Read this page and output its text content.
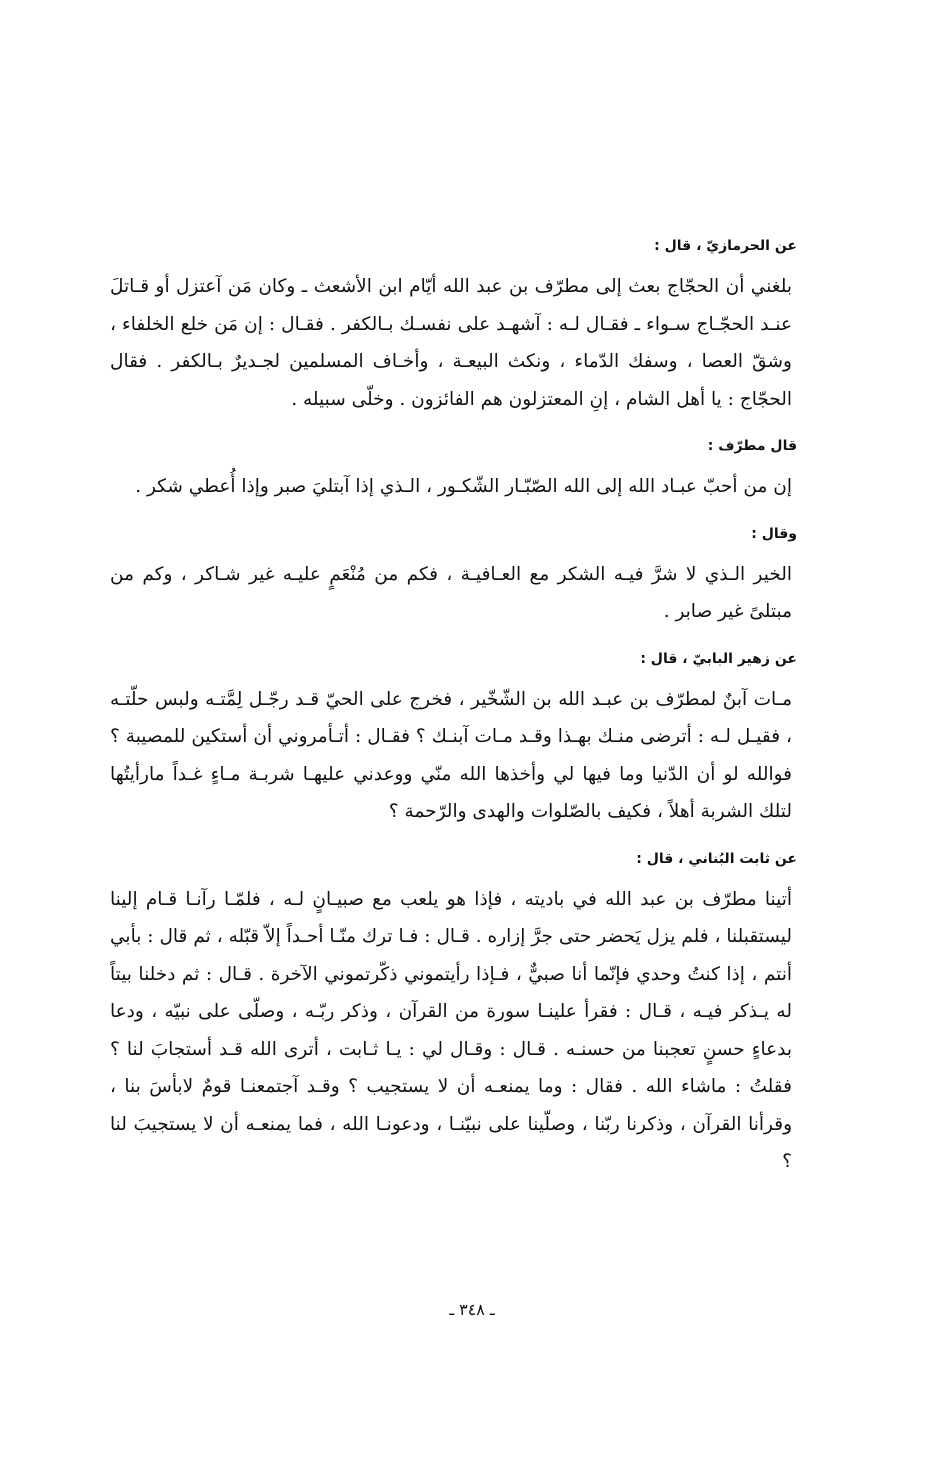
عن الحرمازيّ ، قال :

بلغني أن الحجّاج بعث إلى مطرّف بن عبد الله أيّام ابن الأشعث ـ وكان مَن آعتزل أو قـاتلَ عنـد الحجّـاج سـواء ـ فقـال لـه : آشهـد على نفسـك بـالكفر . فقـال : إن مَن خلع الخلفاء ، وشقّ العصا ، وسفك الدّماء ، ونكث البيعـة ، وأخـاف المسلمين لجـديرٌ بـالكفر . فقال الحجّاج : يا أهل الشام ، إنِ المعتزلون هم الفائزون . وخلّى سبيله .

قال مطرّف :

إن من أحبّ عبـاد الله إلى الله الصّبّـار الشّكـور ، الـذي إذا آبتليَ صبر وإذا أُعطي شكر .

وقال :

الخير الـذي لا شرَّ فيـه الشكر مع العـافيـة ، فكم من مُنْعَمٍ عليـه غير شـاكر ، وكم من مبتلىً غير صابر .

عن زهير البابيّ ، قال :

مـات آبنٌ لمطرّف بن عبـد الله بن الشّخّير ، فخرج على الحيّ قـد رجّـل لِمَّتـه ولبس حلّتـه ، فقيـل لـه : أترضى منـك بهـذا وقـد مـات آبنـك ؟ فقـال : أتـأمروني أن أستكين للمصيبة ؟ فوالله لو أن الدّنيا وما فيها لي وأخذها الله منّي ووعدني عليهـا شربـة مـاءٍ غـداً مارأيتُها لتلك الشربة أهلاً ، فكيف بالصّلوات والهدى والرّحمة ؟

عن ثابت البُناني ، قال :

أتينا مطرّف بن عبد الله في باديته ، فإذا هو يلعب مع صبيـانٍ لـه ، فلمّـا رآنـا قـام إلينا ليستقبلنا ، فلم يزل يَحضر حتى جرَّ إزاره . قـال : فـا ترك منّـا أحـداً إلاّ قبّله ، ثم قال : بأبي أنتم ، إذا كنتُ وحدي فإنّما أنا صبيٌّ ، فـإذا رأيتموني ذكّرتموني الآخرة . قـال : ثم دخلنا بيتاً له يـذكر فيـه ، قـال : فقرأ علينـا سورة من القرآن ، وذكر ربّـه ، وصلّى على نبيّه ، ودعا بدعاءٍ حسنٍ تعجبنا من حسنـه . قـال : وقـال لي : يـا ثـابت ، أترى الله قـد أستجابَ لنا ؟ فقلتُ : ماشاء الله . فقال : وما يمنعـه أن لا يستجيب ؟ وقـد آجتمعنـا قومٌ لابأسَ بنا ، وقرأنا القرآن ، وذكرنا ربّنا ، وصلّينا على نبيّنـا ، ودعونـا الله ، فما يمنعـه أن لا يستجيبَ لنا ؟

ـ ٣٤٨ ـ
